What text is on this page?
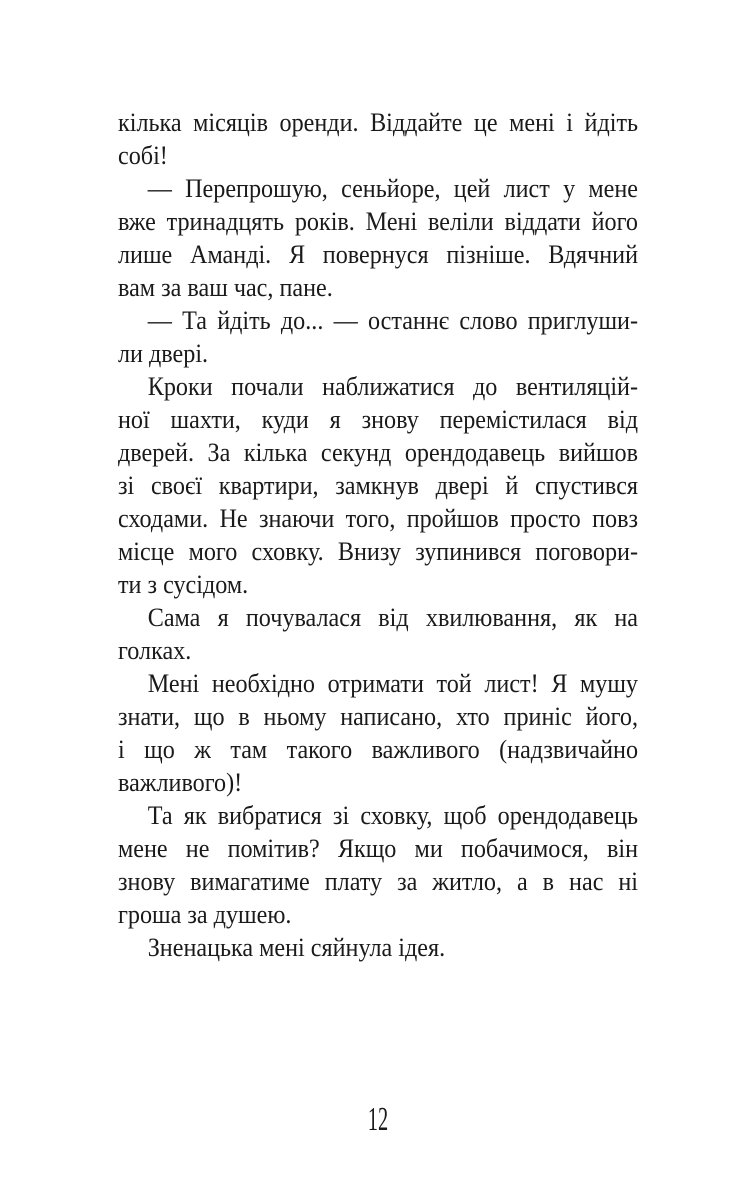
кілька місяців оренди. Віддайте це мені і йдіть
собі!
— Перепрошую, сеньйоре, цей лист у мене
вже тринадцять років. Мені веліли віддати його
лише Аманді. Я повернуся пізніше. Вдячний
вам за ваш час, пане.
— Та йдіть до... — останнє слово приглуши-
ли двері.
Кроки почали наближатися до вентиляцій-
ної шахти, куди я знову перемістилася від
дверей. За кілька секунд орендодавець вийшов
зі своєї квартири, замкнув двері й спустився
сходами. Не знаючи того, пройшов просто повз
місце мого сховку. Внизу зупинився поговори-
ти з сусідом.
Сама я почувалася від хвилювання, як на
голках.
Мені необхідно отримати той лист! Я мушу
знати, що в ньому написано, хто приніс його,
і що ж там такого важливого (надзвичайно
важливого)!
Та як вибратися зі сховку, щоб орендодавець
мене не помітив? Якщо ми побачимося, він
знову вимагатиме плату за житло, а в нас ні
гроша за душею.
Зненацька мені сяйнула ідея.
12
